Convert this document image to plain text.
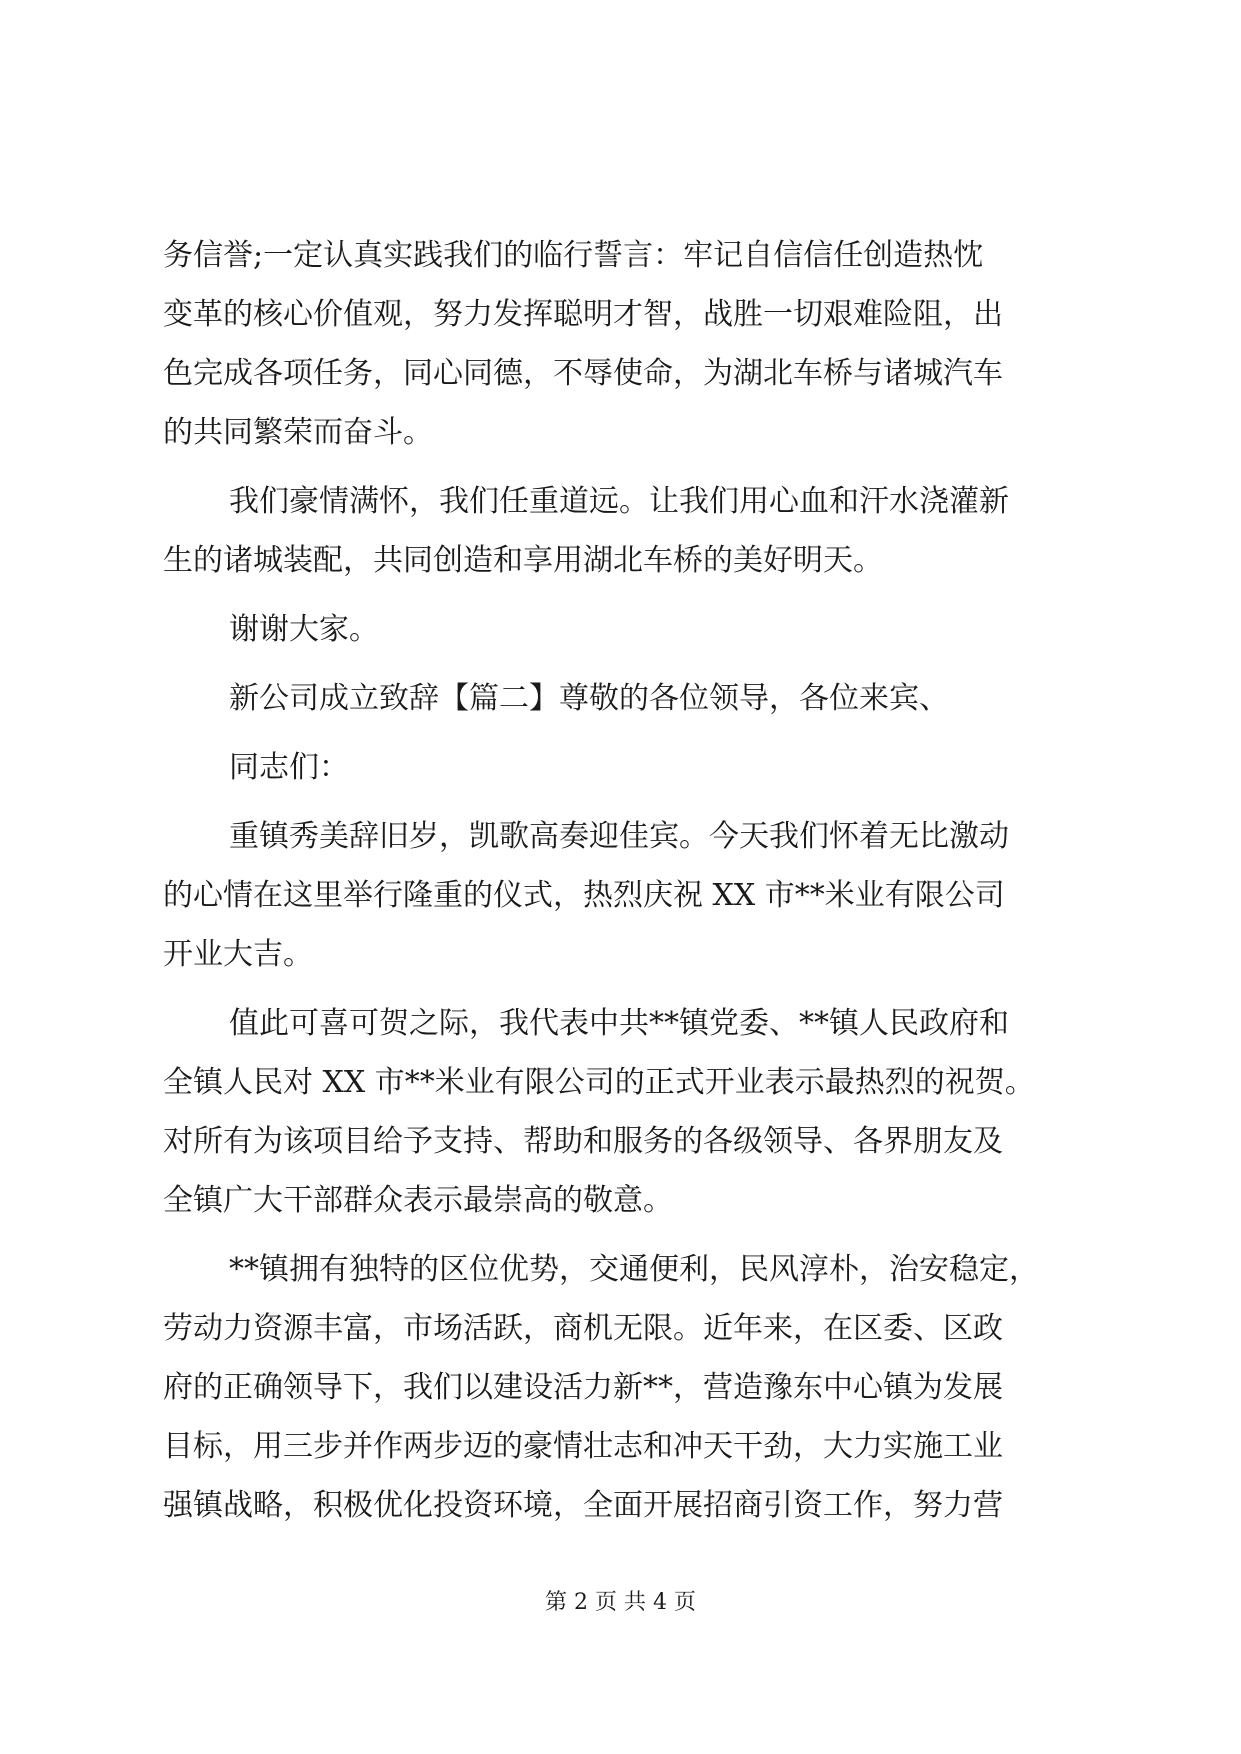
务信誉;一定认真实践我们的临行誓言：牢记自信信任创造热忱
变革的核心价值观，努力发挥聪明才智，战胜一切艰难险阻，出
色完成各项任务，同心同德，不辱使命，为湖北车桥与诸城汽车
的共同繁荣而奋斗。
我们豪情满怀，我们任重道远。让我们用心血和汗水浇灌新
生的诸城装配，共同创造和享用湖北车桥的美好明天。
谢谢大家。
新公司成立致辞【篇二】尊敬的各位领导，各位来宾、
同志们：
重镇秀美辞旧岁，凯歌高奏迎佳宾。今天我们怀着无比激动
的心情在这里举行隆重的仪式，热烈庆祝 XX 市**米业有限公司
开业大吉。
值此可喜可贺之际，我代表中共**镇党委、**镇人民政府和
全镇人民对 XX 市**米业有限公司的正式开业表示最热烈的祝贺。
对所有为该项目给予支持、帮助和服务的各级领导、各界朋友及
全镇广大干部群众表示最崇高的敬意。
**镇拥有独特的区位优势，交通便利，民风淳朴，治安稳定，
劳动力资源丰富，市场活跃，商机无限。近年来，在区委、区政
府的正确领导下，我们以建设活力新**，营造豫东中心镇为发展
目标，用三步并作两步迈的豪情壮志和冲天干劲，大力实施工业
强镇战略，积极优化投资环境，全面开展招商引资工作，努力营
第 2 页 共 4 页
